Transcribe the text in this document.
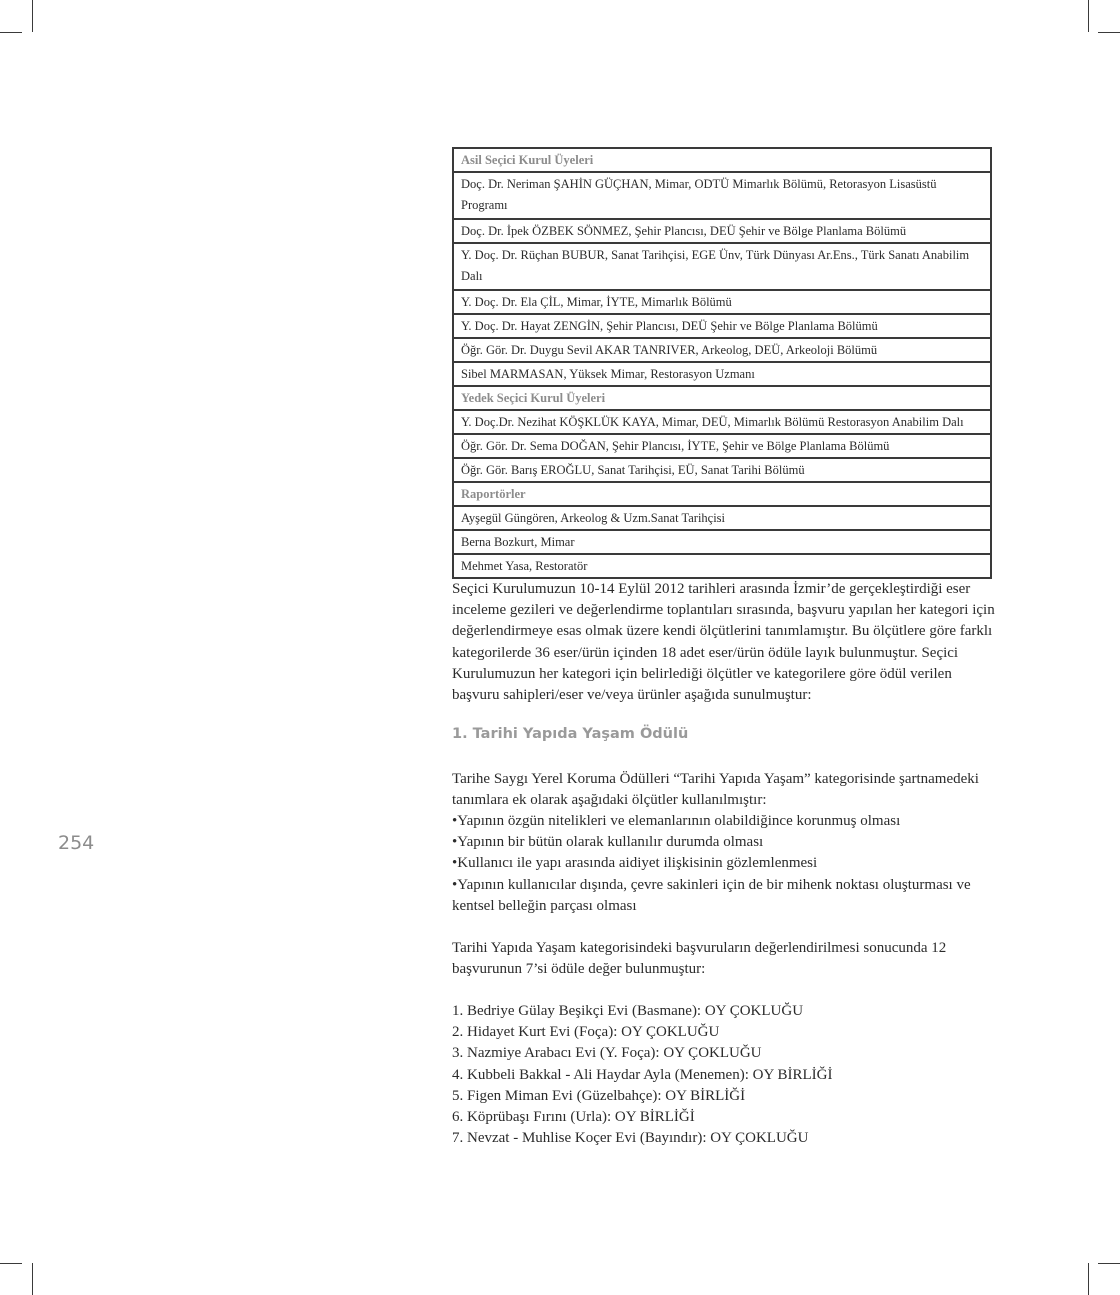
Asil Seçici Kurul Üyeleri
Doç. Dr. Neriman ŞAHİN GÜÇHAN, Mimar, ODTÜ Mimarlık Bölümü, Retorasyon Lisasüstü Programı
Doç. Dr. İpek ÖZBEK SÖNMEZ, Şehir Plancısı, DEÜ Şehir ve Bölge Planlama Bölümü
Y. Doç. Dr. Rüçhan BUBUR, Sanat Tarihçisi, EGE Ünv, Türk Dünyası Ar.Ens., Türk Sanatı Anabilim Dalı
Y. Doç. Dr. Ela ÇİL, Mimar, İYTE, Mimarlık Bölümü
Y. Doç. Dr. Hayat ZENGİN, Şehir Plancısı, DEÜ Şehir ve Bölge Planlama Bölümü
Öğr. Gör. Dr. Duygu Sevil AKAR TANRIVER, Arkeolog, DEÜ, Arkeoloji Bölümü
Sibel MARMASAN, Yüksek Mimar, Restorasyon Uzmanı
Yedek Seçici Kurul Üyeleri
Y. Doç.Dr. Nezihat KÖŞKLÜK KAYA, Mimar, DEÜ, Mimarlık Bölümü Restorasyon Anabilim Dalı
Öğr. Gör. Dr. Sema DOĞAN, Şehir Plancısı, İYTE, Şehir ve Bölge Planlama Bölümü
Öğr. Gör. Barış EROĞLU, Sanat Tarihçisi, EÜ, Sanat Tarihi Bölümü
Raportörler
Ayşegül Güngören, Arkeolog & Uzm.Sanat Tarihçisi
Berna Bozkurt, Mimar
Mehmet Yasa, Restoratör

Seçici Kurulumuzun 10-14 Eylül 2012 tarihleri arasında İzmir’de gerçekleştirdiği eser inceleme gezileri ve değerlendirme toplantıları sırasında, başvuru yapılan her kategori için değerlendirmeye esas olmak üzere kendi ölçütlerini tanımlamıştır. Bu ölçütlere göre farklı kategorilerde 36 eser/ürün içinden 18 adet eser/ürün ödüle layık bulunmuştur. Seçici Kurulumuzun her kategori için belirlediği ölçütler ve kategorilere göre ödül verilen başvuru sahipleri/eser ve/veya ürünler aşağıda sunulmuştur:

1. Tarihi Yapıda Yaşam Ödülü

Tarihe Saygı Yerel Koruma Ödülleri “Tarihi Yapıda Yaşam” kategorisinde şartnamedeki tanımlara ek olarak aşağıdaki ölçütler kullanılmıştır:

• Yapının özgün nitelikleri ve elemanlarının olabildiğince korunmuş olması
• Yapının bir bütün olarak kullanılır durumda olması
• Kullanıcı ile yapı arasında aidiyet ilişkisinin gözlemlenmesi
• Yapının kullanıcılar dışında, çevre sakinleri için de bir mihenk noktası oluşturması ve kentsel belleğin parçası olması

Tarihi Yapıda Yaşam kategorisindeki başvuruların değerlendirilmesi sonucunda 12 başvurunun 7’si ödüle değer bulunmuştur:

1. Bedriye Gülay Beşikçi Evi (Basmane): OY ÇOKLUĞU
2. Hidayet Kurt Evi (Foça): OY ÇOKLUĞU
3. Nazmiye Arabacı Evi (Y. Foça): OY ÇOKLUĞU
4. Kubbeli Bakkal - Ali Haydar Ayla (Menemen): OY BİRLİĞİ
5. Figen Miman Evi (Güzelbahçe): OY BİRLİĞİ
6. Köprübaşı Fırını (Urla): OY BİRLİĞİ
7. Nevzat - Muhlise Koçer Evi (Bayındır): OY ÇOKLUĞU
254
